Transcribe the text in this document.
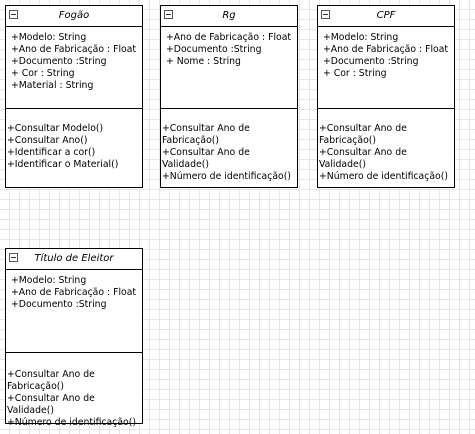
Fogão
+Modelo: String
+Ano de Fabricação : Float
+Documento :String
+ Cor : String
+Material : String
+Consultar Modelo()
+Consultar Ano()
+Identificar a cor()
+Identificar o Material()
Rg
+Ano de Fabricação : Float
+Documento :String
+ Nome : String
+Consultar Ano de Fabricação()
+Consultar Ano de Validade()
+Número de identificação()
CPF
+Modelo: String
+Ano de Fabricação : Float
+Documento :String
+ Cor : String
+Consultar Ano de Fabricação()
+Consultar Ano de Validade()
+Número de identificação()
Título de Eleitor
+Modelo: String
+Ano de Fabricação : Float
+Documento :String
+Consultar Ano de Fabricação()
+Consultar Ano de Validade()
+Número de identificação()
